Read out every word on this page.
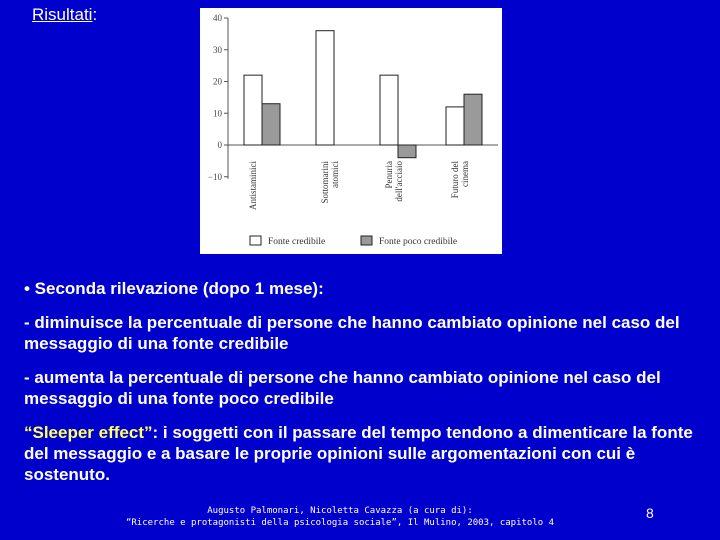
Risultati:	40
30
20
10
0
−10	Antistaminici	Sottomariniatomici	Penuriadell'acciaio	Futuro delcinema
Fonte credibile	Fonte poco credibile

• Seconda rilevazione (dopo 1 mese):

- diminuisce la percentuale di persone che hanno cambiato opinione nel caso del messaggio di una fonte credibile

- aumenta la percentuale di persone che hanno cambiato opinione nel caso del messaggio di una fonte poco credibile

“Sleeper effect”: i soggetti con il passare del tempo tendono a dimenticare la fonte del messaggio e a basare le proprie opinioni sulle argomentazioni con cui è sostenuto.

Augusto Palmonari, Nicoletta Cavazza (a cura di):
“Ricerche e protagonisti della psicologia sociale”, Il Mulino, 2003, capitolo 4
8
